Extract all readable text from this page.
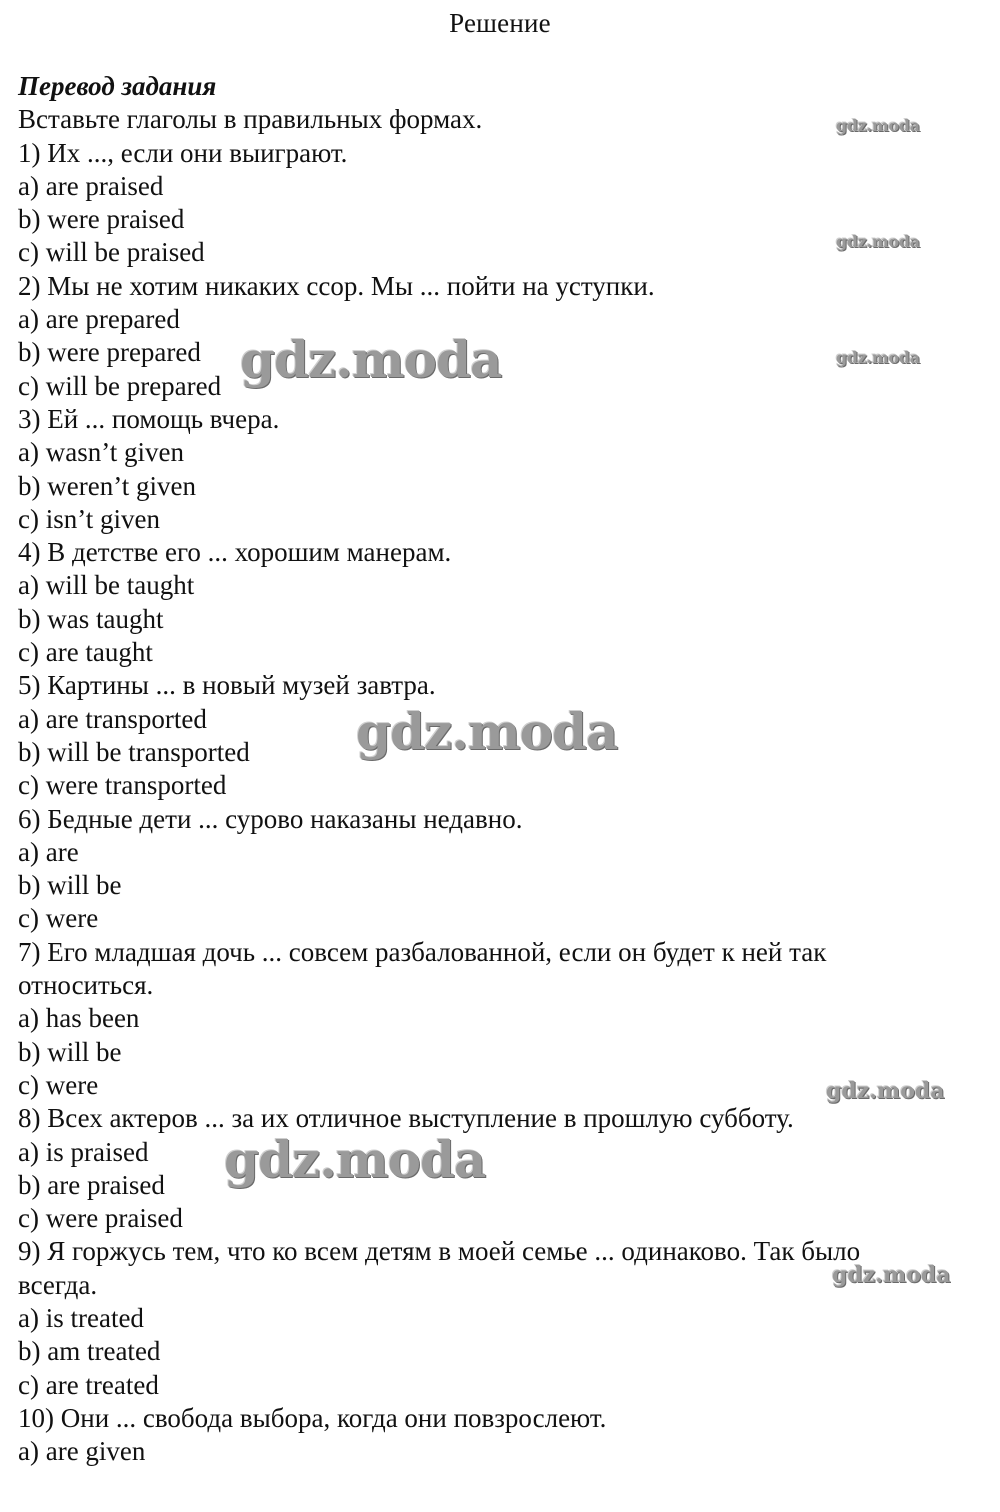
Решение

Перевод задания

Вставьте глаголы в правильных формах.
1) Их ..., если они выиграют.
a) are praised
b) were praised
c) will be praised
2) Мы не хотим никаких ссор. Мы ... пойти на уступки.
a) are prepared
b) were prepared
c) will be prepared
3) Ей ... помощь вчера.
a) wasn’t given
b) weren’t given
c) isn’t given
4) В детстве его ... хорошим манерам.
a) will be taught
b) was taught
c) are taught
5) Картины ... в новый музей завтра.
a) are transported
b) will be transported
c) were transported
6) Бедные дети ... сурово наказаны недавно.
a) are
b) will be
c) were
7) Его младшая дочь ... совсем разбалованной, если он будет к ней так
относиться.
a) has been
b) will be
c) were
8) Всех актеров ... за их отличное выступление в прошлую субботу.
a) is praised
b) are praised
c) were praised
9) Я горжусь тем, что ко всем детям в моей семье ... одинаково. Так было
всегда.
a) is treated
b) am treated
c) are treated
10) Они ... свобода выбора, когда они повзрослеют.
a) are given
gdz.moda
gdz.moda
gdz.moda
gdz.moda
gdz.moda
gdz.moda
gdz.moda
gdz.moda
